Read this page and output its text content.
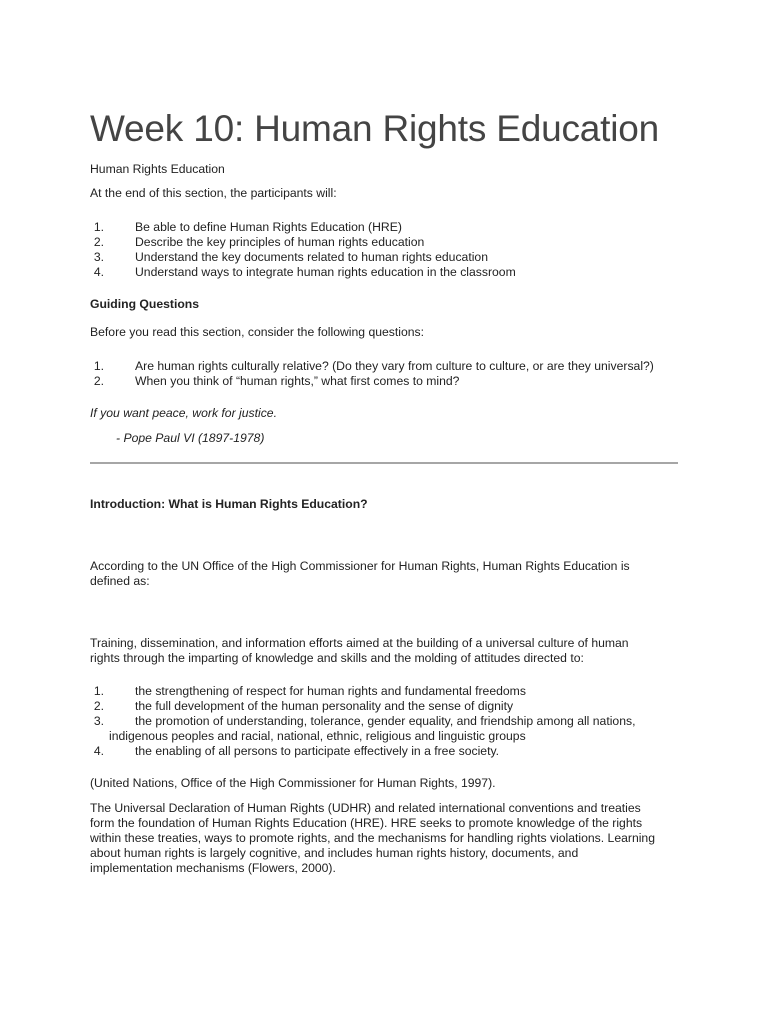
Week 10: Human Rights Education

Human Rights Education

At the end of this section, the participants will:

1.	Be able to define Human Rights Education (HRE)
2.	Describe the key principles of human rights education
3.	Understand the key documents related to human rights education
4.	Understand ways to integrate human rights education in the classroom

Guiding Questions

Before you read this section, consider the following questions:

1.	Are human rights culturally relative? (Do they vary from culture to culture, or are they universal?)
2.	When you think of “human rights,” what first comes to mind?

If you want peace, work for justice.

- Pope Paul VI (1897-1978)

Introduction: What is Human Rights Education?

According to the UN Office of the High Commissioner for Human Rights, Human Rights Education is
defined as:

Training, dissemination, and information efforts aimed at the building of a universal culture of human
rights through the imparting of knowledge and skills and the molding of attitudes directed to:

1.	the strengthening of respect for human rights and fundamental freedoms
2.	the full development of the human personality and the sense of dignity
3.	the promotion of understanding, tolerance, gender equality, and friendship among all nations,
indigenous peoples and racial, national, ethnic, religious and linguistic groups
4.	the enabling of all persons to participate effectively in a free society.

(United Nations, Office of the High Commissioner for Human Rights, 1997).

The Universal Declaration of Human Rights (UDHR) and related international conventions and treaties
form the foundation of Human Rights Education (HRE). HRE seeks to promote knowledge of the rights
within these treaties, ways to promote rights, and the mechanisms for handling rights violations. Learning
about human rights is largely cognitive, and includes human rights history, documents, and
implementation mechanisms (Flowers, 2000).
